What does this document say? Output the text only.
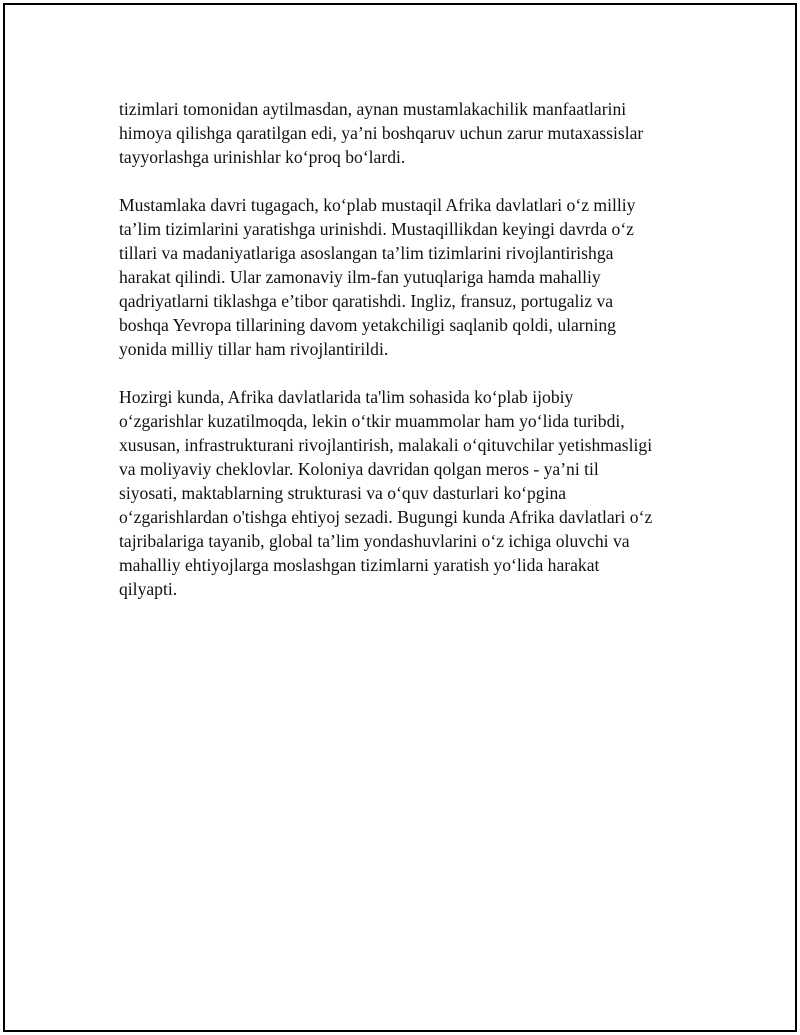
tizimlari tomonidan aytilmasdan, aynan mustamlakachilik manfaatlarini
himoya qilishga qaratilgan edi, ya’ni boshqaruv uchun zarur mutaxassislar
tayyorlashga urinishlar ko‘proq bo‘lardi.

Mustamlaka davri tugagach, ko‘plab mustaqil Afrika davlatlari o‘z milliy
ta’lim tizimlarini yaratishga urinishdi. Mustaqillikdan keyingi davrda o‘z
tillari va madaniyatlariga asoslangan ta’lim tizimlarini rivojlantirishga
harakat qilindi. Ular zamonaviy ilm-fan yutuqlariga hamda mahalliy
qadriyatlarni tiklashga e’tibor qaratishdi. Ingliz, fransuz, portugaliz va
boshqa Yevropa tillarining davom yetakchiligi saqlanib qoldi, ularning
yonida milliy tillar ham rivojlantirildi.

Hozirgi kunda, Afrika davlatlarida ta'lim sohasida ko‘plab ijobiy
o‘zgarishlar kuzatilmoqda, lekin o‘tkir muammolar ham yo‘lida turibdi,
xususan, infrastrukturani rivojlantirish, malakali o‘qituvchilar yetishmasligi
va moliyaviy cheklovlar. Koloniya davridan qolgan meros - ya’ni til
siyosati, maktablarning strukturasi va o‘quv dasturlari ko‘pgina
o‘zgarishlardan o'tishga ehtiyoj sezadi. Bugungi kunda Afrika davlatlari o‘z
tajribalariga tayanib, global ta’lim yondashuvlarini o‘z ichiga oluvchi va
mahalliy ehtiyojlarga moslashgan tizimlarni yaratish yo‘lida harakat
qilyapti.
